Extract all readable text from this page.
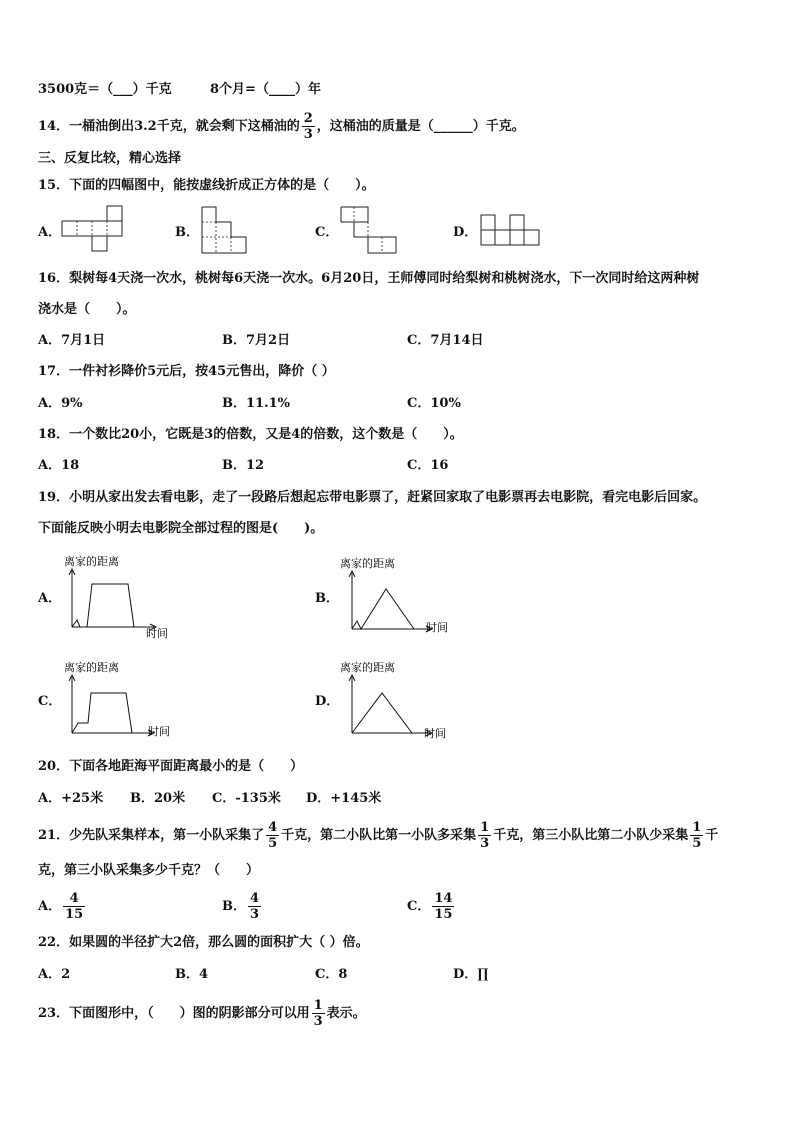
3500克＝（___）千克	8个月=（____）年
14．一桶油倒出3.2千克，就会剩下这桶油的 $\frac{2}{3}$ ，这桶油的质量是（______）千克。
三、反复比较，精心选择
15．下面的四幅图中，能按虚线折成正方体的是（　　）。
A．	B．	C．	D．
16．梨树每4天浇一次水，桃树每6天浇一次水。6月20日，王师傅同时给梨树和桃树浇水，下一次同时给这两种树
浇水是（　　）。
A．7月1日	B．7月2日	C．7月14日
17．一件衬衫降价5元后，按45元售出，降价（ ）
A．9%	B．11.1%	C．10%
18．一个数比20小，它既是3的倍数，又是4的倍数，这个数是（　　）。
A．18	B．12	C．16
19．小明从家出发去看电影，走了一段路后想起忘带电影票了，赶紧回家取了电影票再去电影院，看完电影后回家。
下面能反映小明去电影院全部过程的图是(　　)。
A．	B．
C．	D．
离家的距离
时间
离家的距离
时间
离家的距离
时间
离家的距离
时间
20．下面各地距海平面距离最小的是（　　）
A．+25米 B．20米 C．-135米 D．+145米
21．少先队采集样本，第一小队采集了 $\frac{4}{5}$ 千克，第二小队比第一小队多采集 $\frac{1}{3}$ 千克，第三小队比第二小队少采集 $\frac{1}{5}$ 千
克，第三小队采集多少千克？（　　）
A． $\frac{4}{15}$	B． $\frac{4}{3}$	C． $\frac{14}{15}$
22．如果圆的半径扩大2倍，那么圆的面积扩大（ ）倍。
A．2	B．4	C．8	D．∏
23．下面图形中，（　　）图的阴影部分可以用 $\frac{1}{3}$ 表示。
